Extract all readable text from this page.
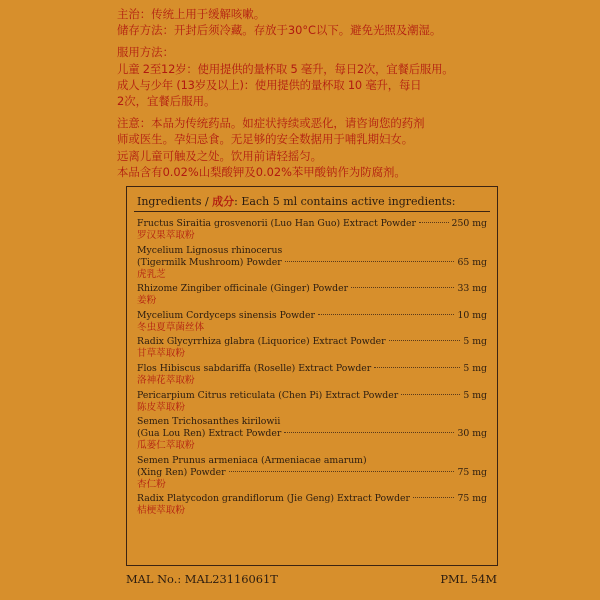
主治：传统上用于缓解咳嗽。

储存方法：开封后须冷藏。存放于30°C以下。避免光照及潮湿。

服用方法：

儿童 2至12岁：使用提供的量杯取 5 毫升，每日2次，宜餐后服用。

成人与少年 (13岁及以上)：使用提供的量杯取 10 毫升，每日

2次，宜餐后服用。

注意：本品为传统药品。如症状持续或恶化，请咨询您的药剂

师或医生。孕妇忌食。无足够的安全数据用于哺乳期妇女。

远离儿童可触及之处。饮用前请轻摇匀。

本品含有0.02%山梨酸钾及0.02%苯甲酸钠作为防腐剂。

Ingredients / 成分: Each 5 ml contains active ingredients:
Fructus Siraitia grosvenorii (Luo Han Guo) Extract Powder	250 mg
罗汉果萃取粉
Mycelium Lignosus rhinocerus
(Tigermilk Mushroom) Powder	65 mg
虎乳芝
Rhizome Zingiber officinale (Ginger) Powder	33 mg
姜粉
Mycelium Cordyceps sinensis Powder	10 mg
冬虫夏草菌丝体
Radix Glycyrrhiza glabra (Liquorice) Extract Powder	5 mg
甘草萃取粉
Flos Hibiscus sabdariffa (Roselle) Extract Powder	5 mg
洛神花萃取粉
Pericarpium Citrus reticulata (Chen Pi) Extract Powder	5 mg
陈皮萃取粉
Semen Trichosanthes kirilowii
(Gua Lou Ren) Extract Powder	30 mg
瓜蒌仁萃取粉
Semen Prunus armeniaca (Armeniacae amarum)
(Xing Ren) Powder	75 mg
杏仁粉
Radix Platycodon grandiflorum (Jie Geng) Extract Powder	75 mg
桔梗萃取粉
MAL No.: MAL23116061T	PML 54M
